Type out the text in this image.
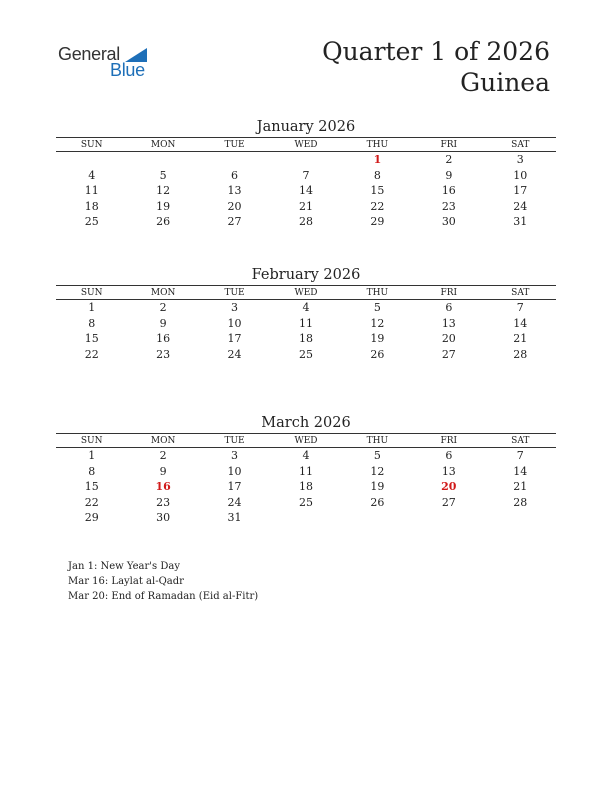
General
Blue
Quarter 1 of 2026
Guinea
January 2026
SUN	MON	TUE	WED	THU	FRI	SAT
				1	2	3
4	5	6	7	8	9	10
11	12	13	14	15	16	17
18	19	20	21	22	23	24
25	26	27	28	29	30	31
February 2026
SUN	MON	TUE	WED	THU	FRI	SAT
1	2	3	4	5	6	7
8	9	10	11	12	13	14
15	16	17	18	19	20	21
22	23	24	25	26	27	28
March 2026
SUN	MON	TUE	WED	THU	FRI	SAT
1	2	3	4	5	6	7
8	9	10	11	12	13	14
15	16	17	18	19	20	21
22	23	24	25	26	27	28
29	30	31				
Jan 1: New Year's Day
Mar 16: Laylat al-Qadr
Mar 20: End of Ramadan (Eid al-Fitr)
